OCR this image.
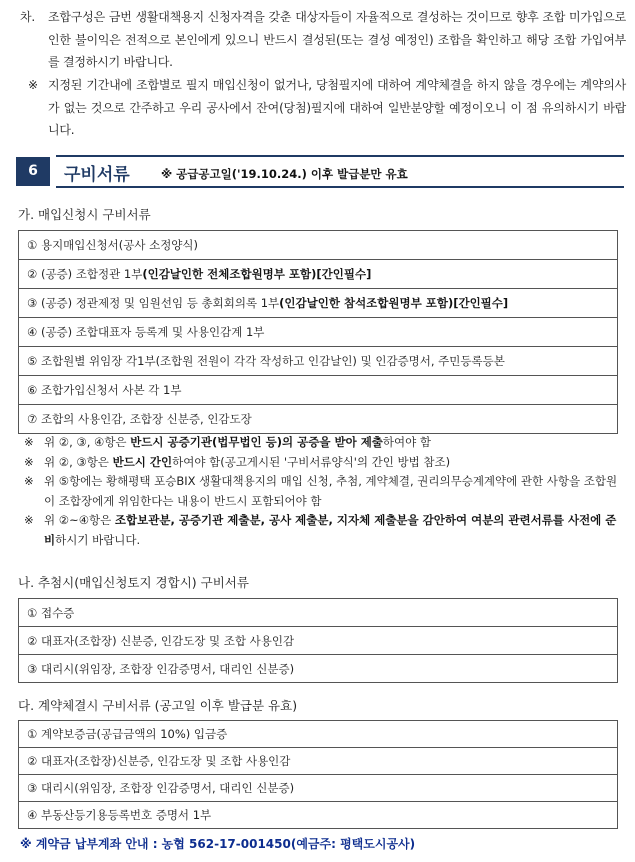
차.	조합구성은 금번 생활대책용지 신청자격을 갖춘 대상자들이 자율적으로 결성하는 것이므로 향후 조합 미가입으로 인한 불이익은 전적으로 본인에게 있으니 반드시 결성된(또는 결성 예정인) 조합을 확인하고 해당 조합 가입여부를 결정하시기 바랍니다.
※ 지정된 기간내에 조합별로 필지 매입신청이 없거나, 당첨필지에 대하여 계약체결을 하지 않을 경우에는 계약의사가 없는 것으로 간주하고 우리 공사에서 잔여(당첨)필지에 대하여 일반분양할 예정이오니 이 점 유의하시기 바랍니다.
6	구비서류	※ 공급공고일('19.10.24.) 이후 발급분만 유효
가. 매입신청시 구비서류
① 용지매입신청서(공사 소정양식)
② (공증) 조합정관 1부(인감날인한 전체조합원명부 포함)[간인필수]
③ (공증) 정관제정 및 임원선임 등 총회회의록 1부(인감날인한 참석조합원명부 포함)[간인필수]
④ (공증) 조합대표자 등록계 및 사용인감계 1부
⑤ 조합원별 위임장 각1부(조합원 전원이 각각 작성하고 인감날인) 및 인감증명서, 주민등록등본
⑥ 조합가입신청서 사본 각 1부
⑦ 조합의 사용인감, 조합장 신분증, 인감도장
※ 위 ②, ③, ④항은 반드시 공증기관(법무법인 등)의 공증을 받아 제출하여야 함
※ 위 ②, ③항은 반드시 간인하여야 함(공고게시된 '구비서류양식'의 간인 방법 참조)
※ 위 ⑤항에는 황해평택 포승BIX 생활대책용지의 매입 신청, 추첨, 계약체결, 권리의무승계계약에 관한 사항을 조합원이 조합장에게 위임한다는 내용이 반드시 포함되어야 함
※ 위 ②~④항은 조합보관분, 공증기관 제출분, 공사 제출분, 지자체 제출분을 감안하여 여분의 관련서류를 사전에 준비하시기 바랍니다.
나. 추첨시(매입신청토지 경합시) 구비서류
① 접수증
② 대표자(조합장) 신분증, 인감도장 및 조합 사용인감
③ 대리시(위임장, 조합장 인감증명서, 대리인 신분증)
다. 계약체결시 구비서류 (공고일 이후 발급분 유효)
① 계약보증금(공급금액의 10%) 입금증
② 대표자(조합장)신분증, 인감도장 및 조합 사용인감
③ 대리시(위임장, 조합장 인감증명서, 대리인 신분증)
④ 부동산등기용등록번호 증명서 1부
※ 계약금 납부계좌 안내 : 농협 562-17-001450(예금주: 평택도시공사)
